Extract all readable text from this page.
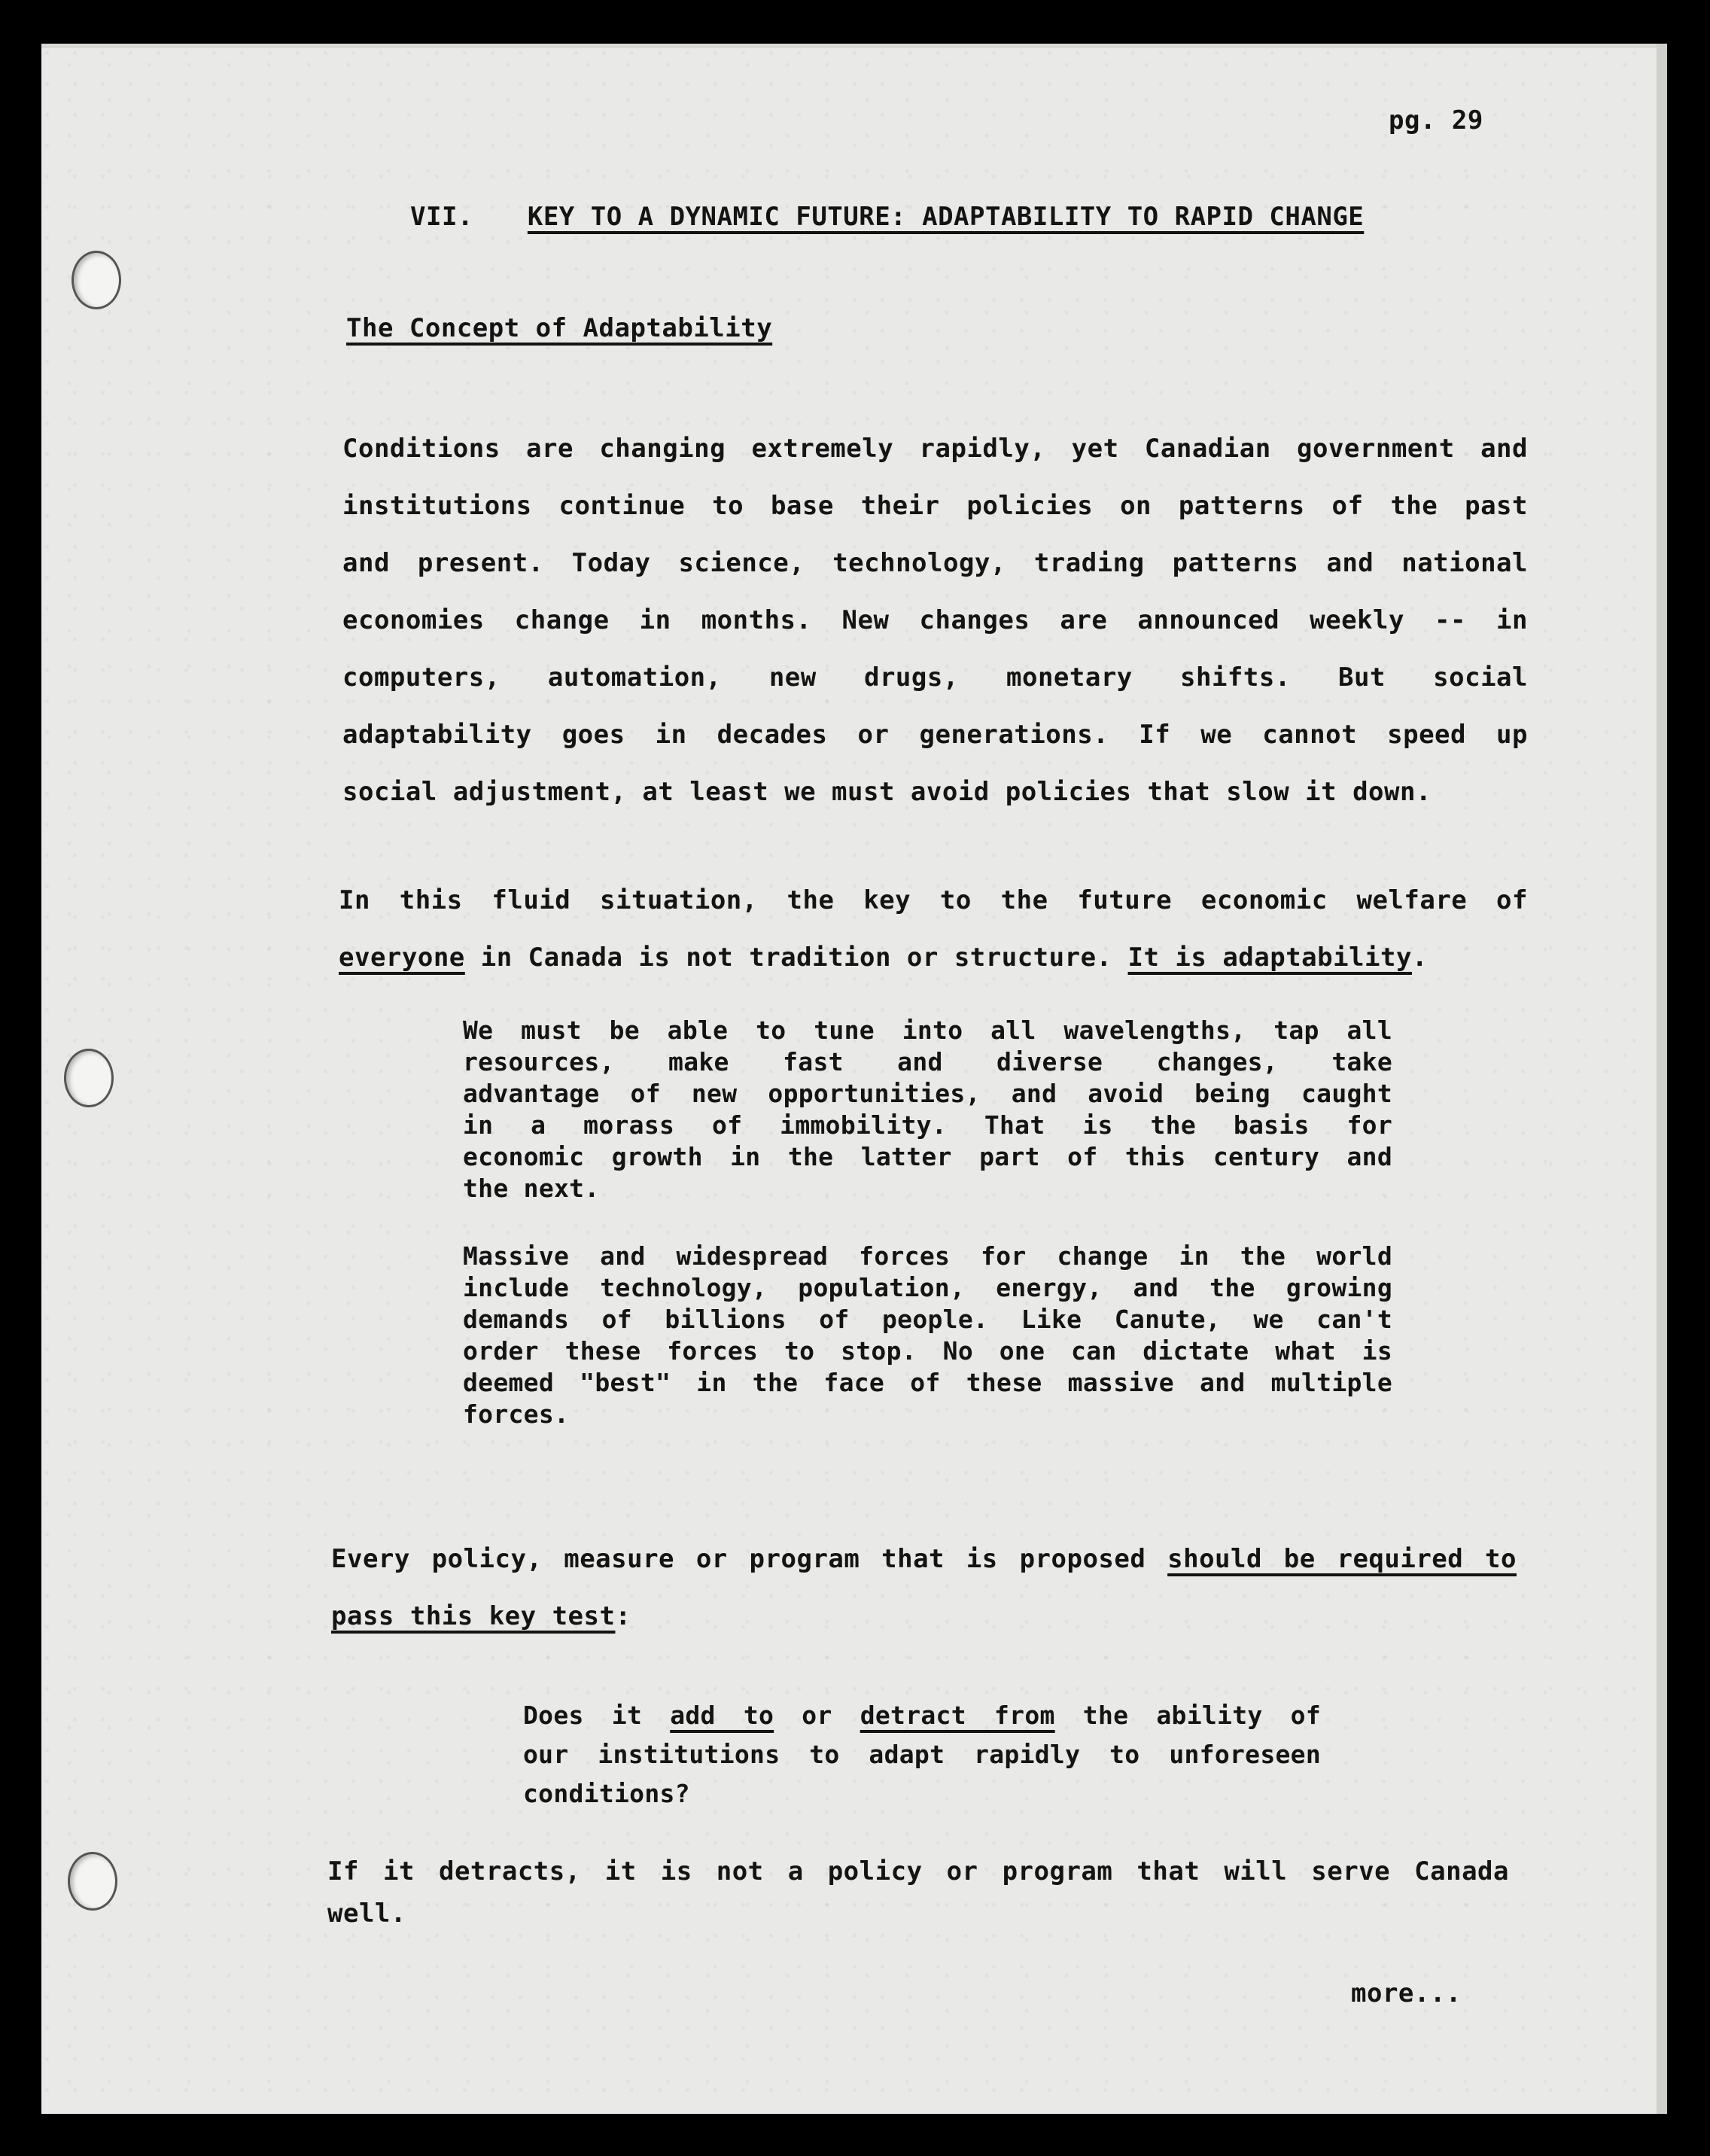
pg. 29
VII. KEY TO A DYNAMIC FUTURE: ADAPTABILITY TO RAPID CHANGE
The Concept of Adaptability
Conditions are changing extremely rapidly, yet Canadian government and
institutions continue to base their policies on patterns of the past
and present. Today science, technology, trading patterns and national
economies change in months. New changes are announced weekly -- in
computers, automation, new drugs, monetary shifts. But social
adaptability goes in decades or generations. If we cannot speed up
social adjustment, at least we must avoid policies that slow it down.
In this fluid situation, the key to the future economic welfare of
everyone in Canada is not tradition or structure. It is adaptability.
We must be able to tune into all wavelengths, tap all
resources, make fast and diverse changes, take
advantage of new opportunities, and avoid being caught
in a morass of immobility. That is the basis for
economic growth in the latter part of this century and
the next.
Massive and widespread forces for change in the world
include technology, population, energy, and the growing
demands of billions of people. Like Canute, we can't
order these forces to stop. No one can dictate what is
deemed "best" in the face of these massive and multiple
forces.
Every policy, measure or program that is proposed should be required to
pass this key test:
Does it add to or detract from the ability of
our institutions to adapt rapidly to unforeseen
conditions?
If it detracts, it is not a policy or program that will serve Canada
well.
more...
